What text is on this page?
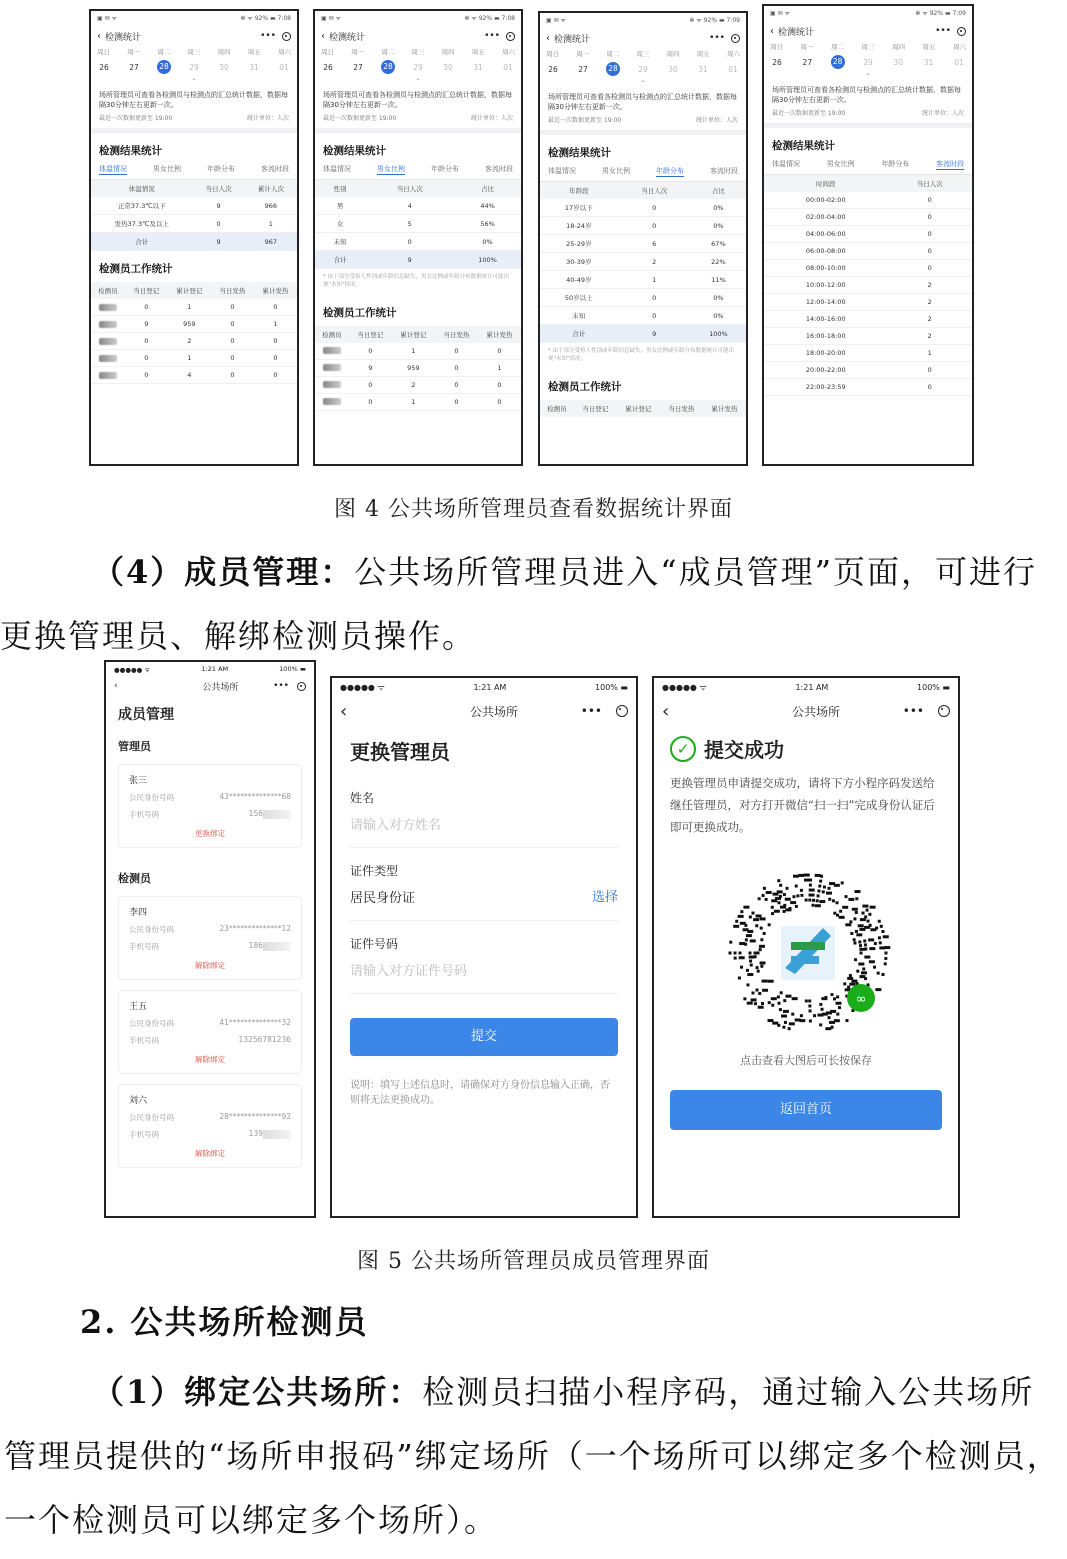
▣ ✉ ᯤ	✻ ᯤ 92% ▬ 7:08
‹ 检测统计	•••
周日	周一	周二	周三	周四	周五	周六
26	27	28	29	30	31	01
⌄
场所管理员可查看各检测员与检测点的汇总统计数据，数据每隔30分钟左右更新一次。
最近一次数据更新至 19:00	统计单位：人次
检测结果统计
体温情况	男女比例	年龄分布	客流时段
体温情况	当日人次	累计人次
正常37.3℃以下	9	966
发热37.3℃及以上	0	1
合计	9	967
检测员工作统计
检测员	当日登记	累计登记	当日发热	累计发热
	0	1	0	0
	9	959	0	1
	0	2	0	0
	0	1	0	0
	0	4	0	0
▣ ✉ ᯤ	✻ ᯤ 92% ▬ 7:08
‹ 检测统计	•••
周日	周一	周二	周三	周四	周五	周六
26	27	28	29	30	31	01
⌄
场所管理员可查看各检测员与检测点的汇总统计数据，数据每隔30分钟左右更新一次。
最近一次数据更新至 19:00	统计单位：人次
检测结果统计
体温情况	男女比例	年龄分布	客流时段
性别	当日人次	占比
男	4	44%
女	5	56%
未知	0	0%
合计	9	100%
* 由于部分受检人性别或年龄信息缺失，男女比例或年龄分布数据统计可能出现"未知"情况。
检测员工作统计
检测员	当日登记	累计登记	当日发热	累计发热
	0	1	0	0
	9	959	0	1
	0	2	0	0
	0	1	0	0
▣ ✉ ᯤ	✻ ᯤ 92% ▬ 7:09
‹ 检测统计	•••
周日	周一	周二	周三	周四	周五	周六
26	27	28	29	30	31	01
⌄
场所管理员可查看各检测员与检测点的汇总统计数据，数据每隔30分钟左右更新一次。
最近一次数据更新至 19:00	统计单位：人次
检测结果统计
体温情况	男女比例	年龄分布	客流时段
年龄段	当日人次	占比
17岁以下	0	0%
18-24岁	0	0%
25-29岁	6	67%
30-39岁	2	22%
40-49岁	1	11%
50岁以上	0	0%
未知	0	0%
合计	9	100%
* 由于部分受检人性别或年龄信息缺失，男女比例或年龄分布数据统计可能出现"未知"情况。
检测员工作统计
检测员	当日登记	累计登记	当日发热	累计发热
▣ ✉ ᯤ	✻ ᯤ 92% ▬ 7:09
‹ 检测统计	•••
周日	周一	周二	周三	周四	周五	周六
26	27	28	29	30	31	01
⌄
场所管理员可查看各检测员与检测点的汇总统计数据，数据每隔30分钟左右更新一次。
最近一次数据更新至 19:00	统计单位：人次
检测结果统计
体温情况	男女比例	年龄分布	客流时段
时间段	当日人次
00:00-02:00	0
02:00-04:00	0
04:00-06:00	0
06:00-08:00	0
08:00-10:00	0
10:00-12:00	2
12:00-14:00	2
14:00-16:00	2
16:00-18:00	2
18:00-20:00	1
20:00-22:00	0
22:00-23:59	0
图 4 公共场所管理员查看数据统计界面
（4）成员管理：公共场所管理员进入“成员管理”页面，可进行更换管理员、解绑检测员操作。
●●●●● ᯤ	1:21 AM	100% ▬
‹	公共场所	•••
成员管理
管理员
张三
公民身份号码	43**************68
手机号码	156
更换绑定
检测员
李四
公民身份号码	23**************12
手机号码	186
解除绑定
王五
公民身份号码	41**************32
手机号码	13256781236
解除绑定
刘六
公民身份号码	28**************92
手机号码	139
解除绑定
●●●●● ᯤ	1:21 AM	100% ▬
‹	公共场所	•••
更换管理员
姓名
请输入对方姓名
证件类型
居民身份证	选择
证件号码
请输入对方证件号码
提交
说明：填写上述信息时，请确保对方身份信息输入正确，否则将无法更换成功。
●●●●● ᯤ	1:21 AM	100% ▬
‹	公共场所	•••
✓ 提交成功
更换管理员申请提交成功，请将下方小程序码发送给继任管理员，对方打开微信“扫一扫”完成身份认证后即可更换成功。
∞
点击查看大图后可长按保存
返回首页
图 5 公共场所管理员成员管理界面
2. 公共场所检测员
（1）绑定公共场所：检测员扫描小程序码，通过输入公共场所管理员提供的“场所申报码”绑定场所（一个场所可以绑定多个检测员，一个检测员可以绑定多个场所）。
